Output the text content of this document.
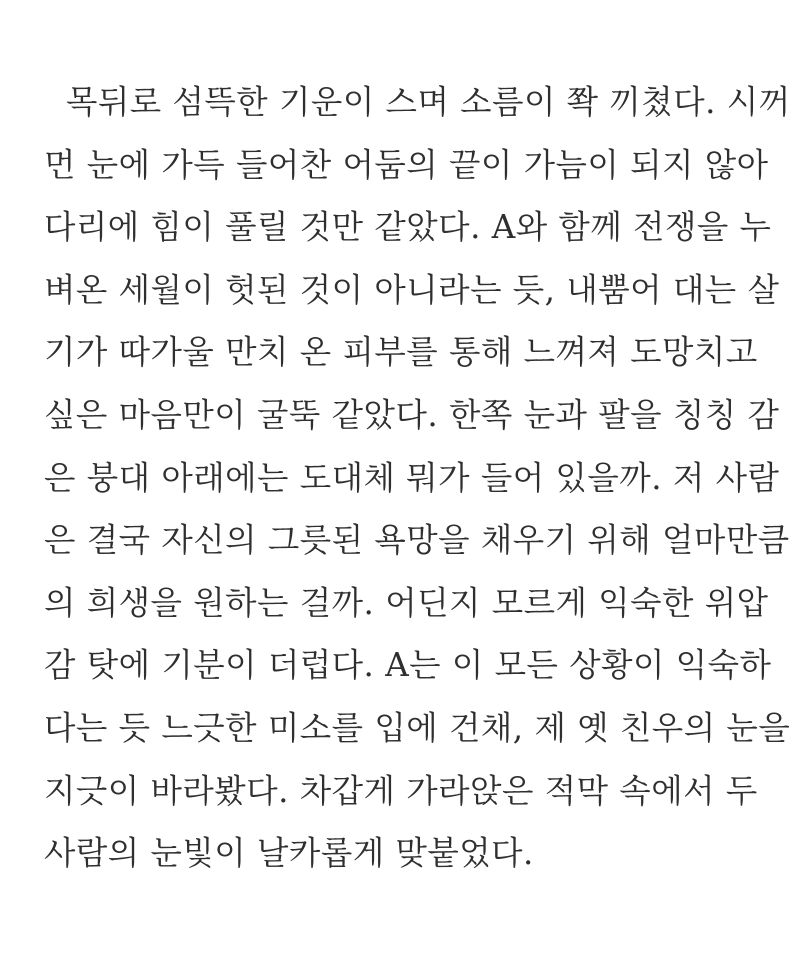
목뒤로 섬뜩한 기운이 스며 소름이 쫙 끼쳤다. 시꺼
먼 눈에 가득 들어찬 어둠의 끝이 가늠이 되지 않아
다리에 힘이 풀릴 것만 같았다. A와 함께 전쟁을 누
벼온 세월이 헛된 것이 아니라는 듯, 내뿜어 대는 살
기가 따가울 만치 온 피부를 통해 느껴져 도망치고
싶은 마음만이 굴뚝 같았다. 한쪽 눈과 팔을 칭칭 감
은 붕대 아래에는 도대체 뭐가 들어 있을까. 저 사람
은 결국 자신의 그릇된 욕망을 채우기 위해 얼마만큼
의 희생을 원하는 걸까. 어딘지 모르게 익숙한 위압
감 탓에 기분이 더럽다. A는 이 모든 상황이 익숙하
다는 듯 느긋한 미소를 입에 건채, 제 옛 친우의 눈을
지긋이 바라봤다. 차갑게 가라앉은 적막 속에서 두
사람의 눈빛이 날카롭게 맞붙었다.
